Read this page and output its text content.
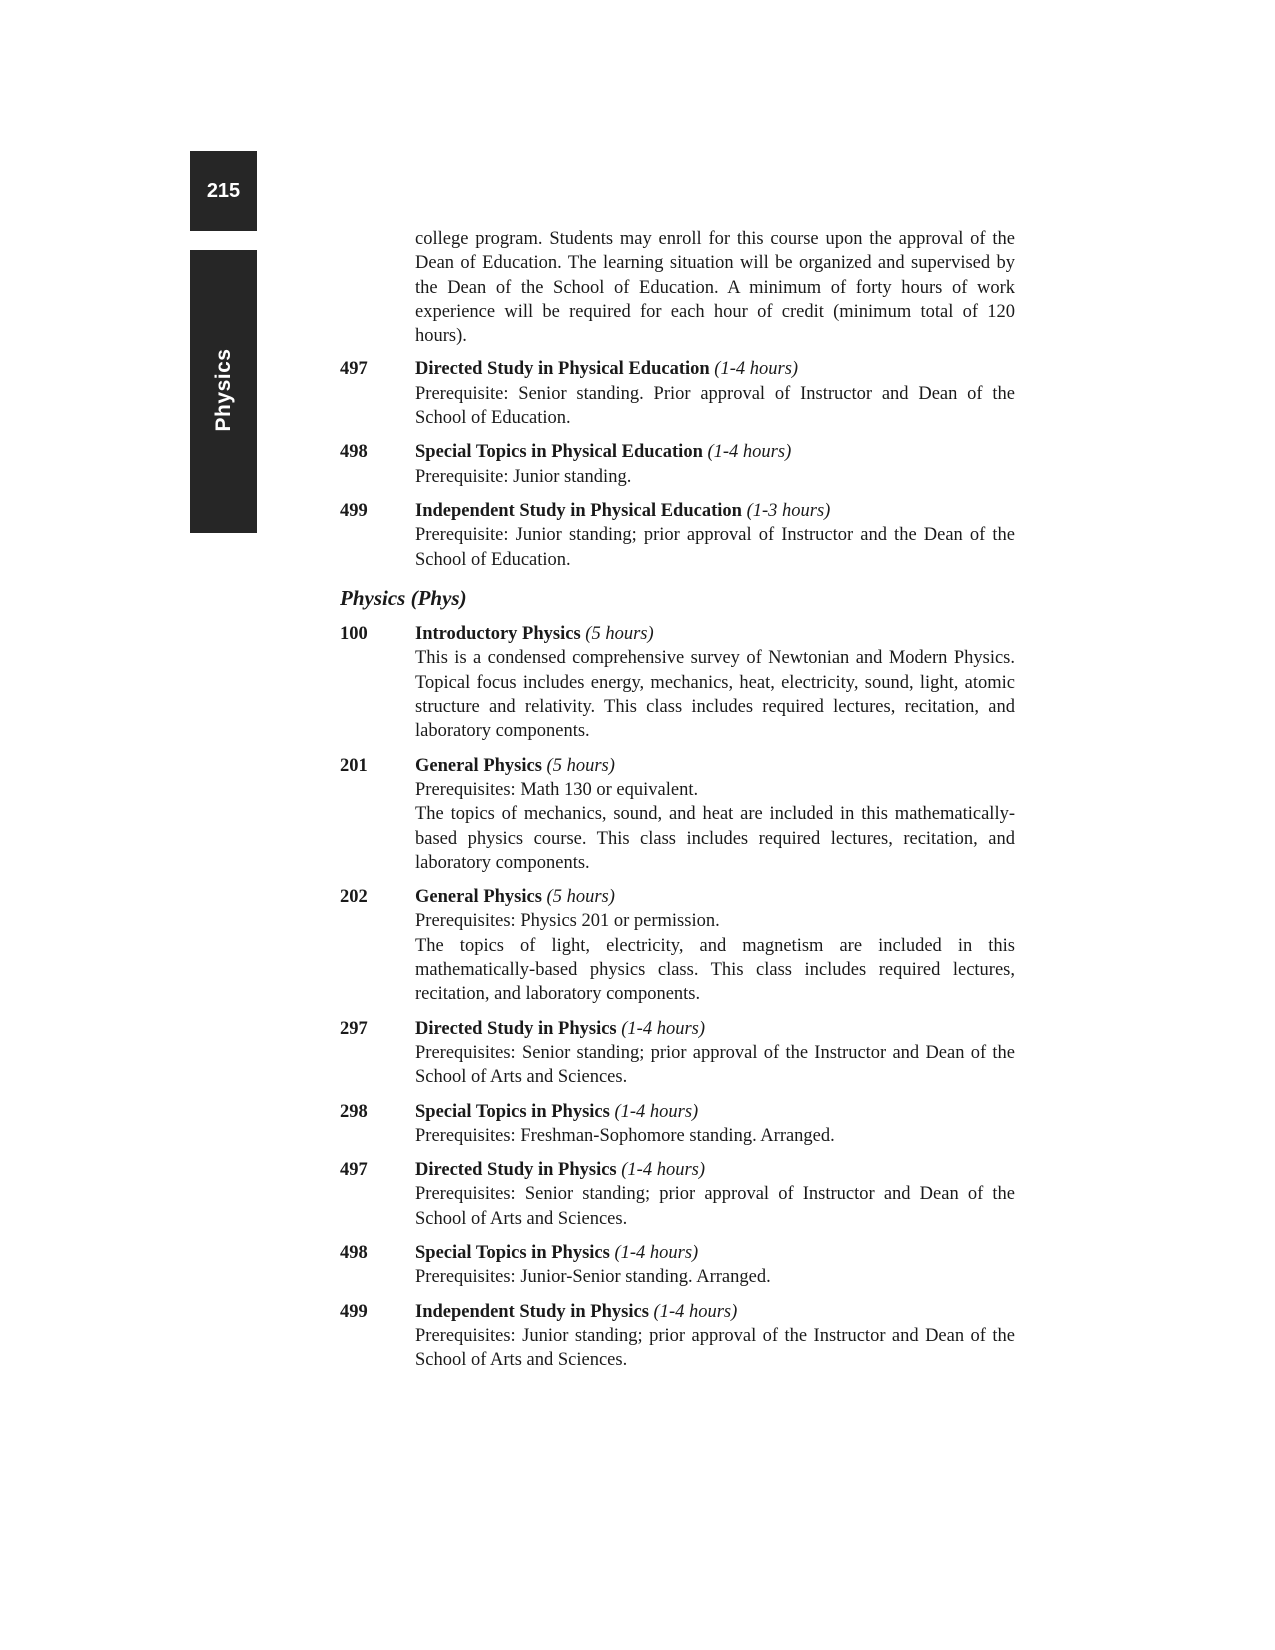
215
Physics
college program. Students may enroll for this course upon the approval of the Dean of Education. The learning situation will be organized and supervised by the Dean of the School of Education. A minimum of forty hours of work experience will be required for each hour of credit (minimum total of 120 hours).
497	Directed Study in Physical Education (1-4 hours)
Prerequisite: Senior standing. Prior approval of Instructor and Dean of the School of Education.
498	Special Topics in Physical Education (1-4 hours)
Prerequisite: Junior standing.
499	Independent Study in Physical Education (1-3 hours)
Prerequisite: Junior standing; prior approval of Instructor and the Dean of the School of Education.
Physics (Phys)
100	Introductory Physics (5 hours)
This is a condensed comprehensive survey of Newtonian and Modern Physics. Topical focus includes energy, mechanics, heat, electricity, sound, light, atomic structure and relativity. This class includes required lectures, recitation, and laboratory components.
201	General Physics (5 hours)
Prerequisites: Math 130 or equivalent.
The topics of mechanics, sound, and heat are included in this mathematically-based physics course. This class includes required lectures, recitation, and laboratory components.
202	General Physics (5 hours)
Prerequisites: Physics 201 or permission.
The topics of light, electricity, and magnetism are included in this mathematically-based physics class. This class includes required lectures, recitation, and laboratory components.
297	Directed Study in Physics (1-4 hours)
Prerequisites: Senior standing; prior approval of the Instructor and Dean of the School of Arts and Sciences.
298	Special Topics in Physics (1-4 hours)
Prerequisites: Freshman-Sophomore standing. Arranged.
497	Directed Study in Physics (1-4 hours)
Prerequisites: Senior standing; prior approval of Instructor and Dean of the School of Arts and Sciences.
498	Special Topics in Physics (1-4 hours)
Prerequisites: Junior-Senior standing. Arranged.
499	Independent Study in Physics (1-4 hours)
Prerequisites: Junior standing; prior approval of the Instructor and Dean of the School of Arts and Sciences.
